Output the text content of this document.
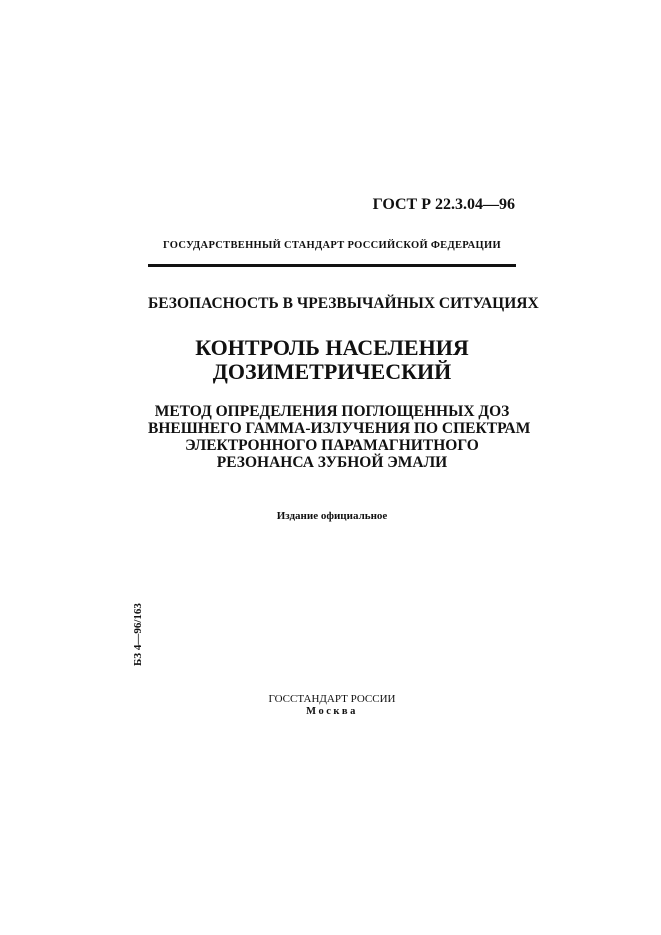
ГОСТ Р 22.3.04—96
ГОСУДАРСТВЕННЫЙ СТАНДАРТ РОССИЙСКОЙ ФЕДЕРАЦИИ
БЕЗОПАСНОСТЬ В ЧРЕЗВЫЧАЙНЫХ СИТУАЦИЯХ
КОНТРОЛЬ НАСЕЛЕНИЯ
ДОЗИМЕТРИЧЕСКИЙ
МЕТОД ОПРЕДЕЛЕНИЯ ПОГЛОЩЕННЫХ ДОЗ
ВНЕШНЕГО ГАММА-ИЗЛУЧЕНИЯ ПО СПЕКТРАМ
ЭЛЕКТРОННОГО ПАРАМАГНИТНОГО
РЕЗОНАНСА ЗУБНОЙ ЭМАЛИ
Издание официальное
БЗ 4—96/163
ГОССТАНДАРТ РОССИИ
Москва
